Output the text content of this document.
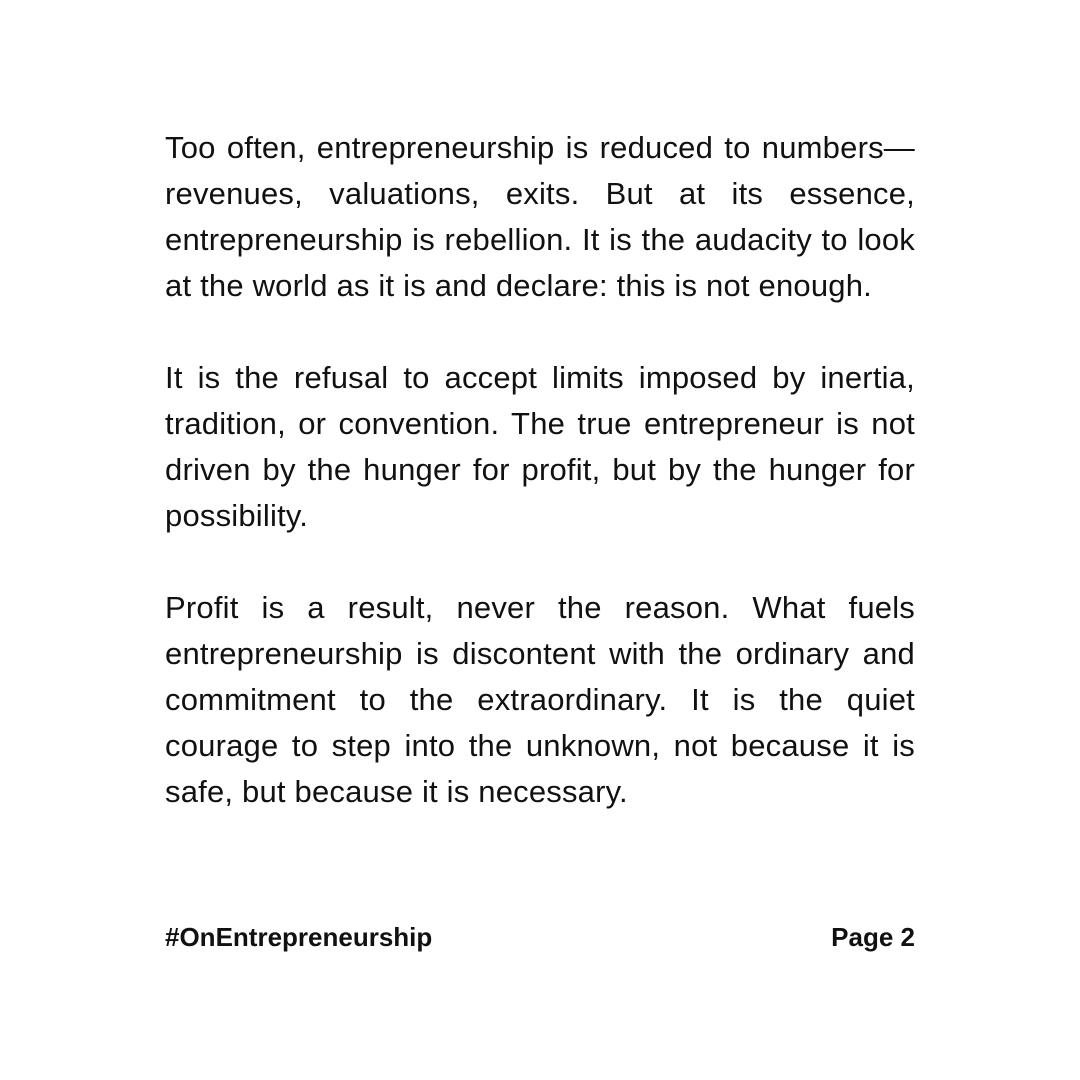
Too often, entrepreneurship is reduced to numbers—revenues, valuations, exits. But at its essence, entrepreneurship is rebellion. It is the audacity to look at the world as it is and declare: this is not enough.

It is the refusal to accept limits imposed by inertia, tradition, or convention. The true entrepreneur is not driven by the hunger for profit, but by the hunger for possibility.

Profit is a result, never the reason. What fuels entrepreneurship is discontent with the ordinary and commitment to the extraordinary. It is the quiet courage to step into the unknown, not because it is safe, but because it is necessary.

#OnEntrepreneurship	Page 2
